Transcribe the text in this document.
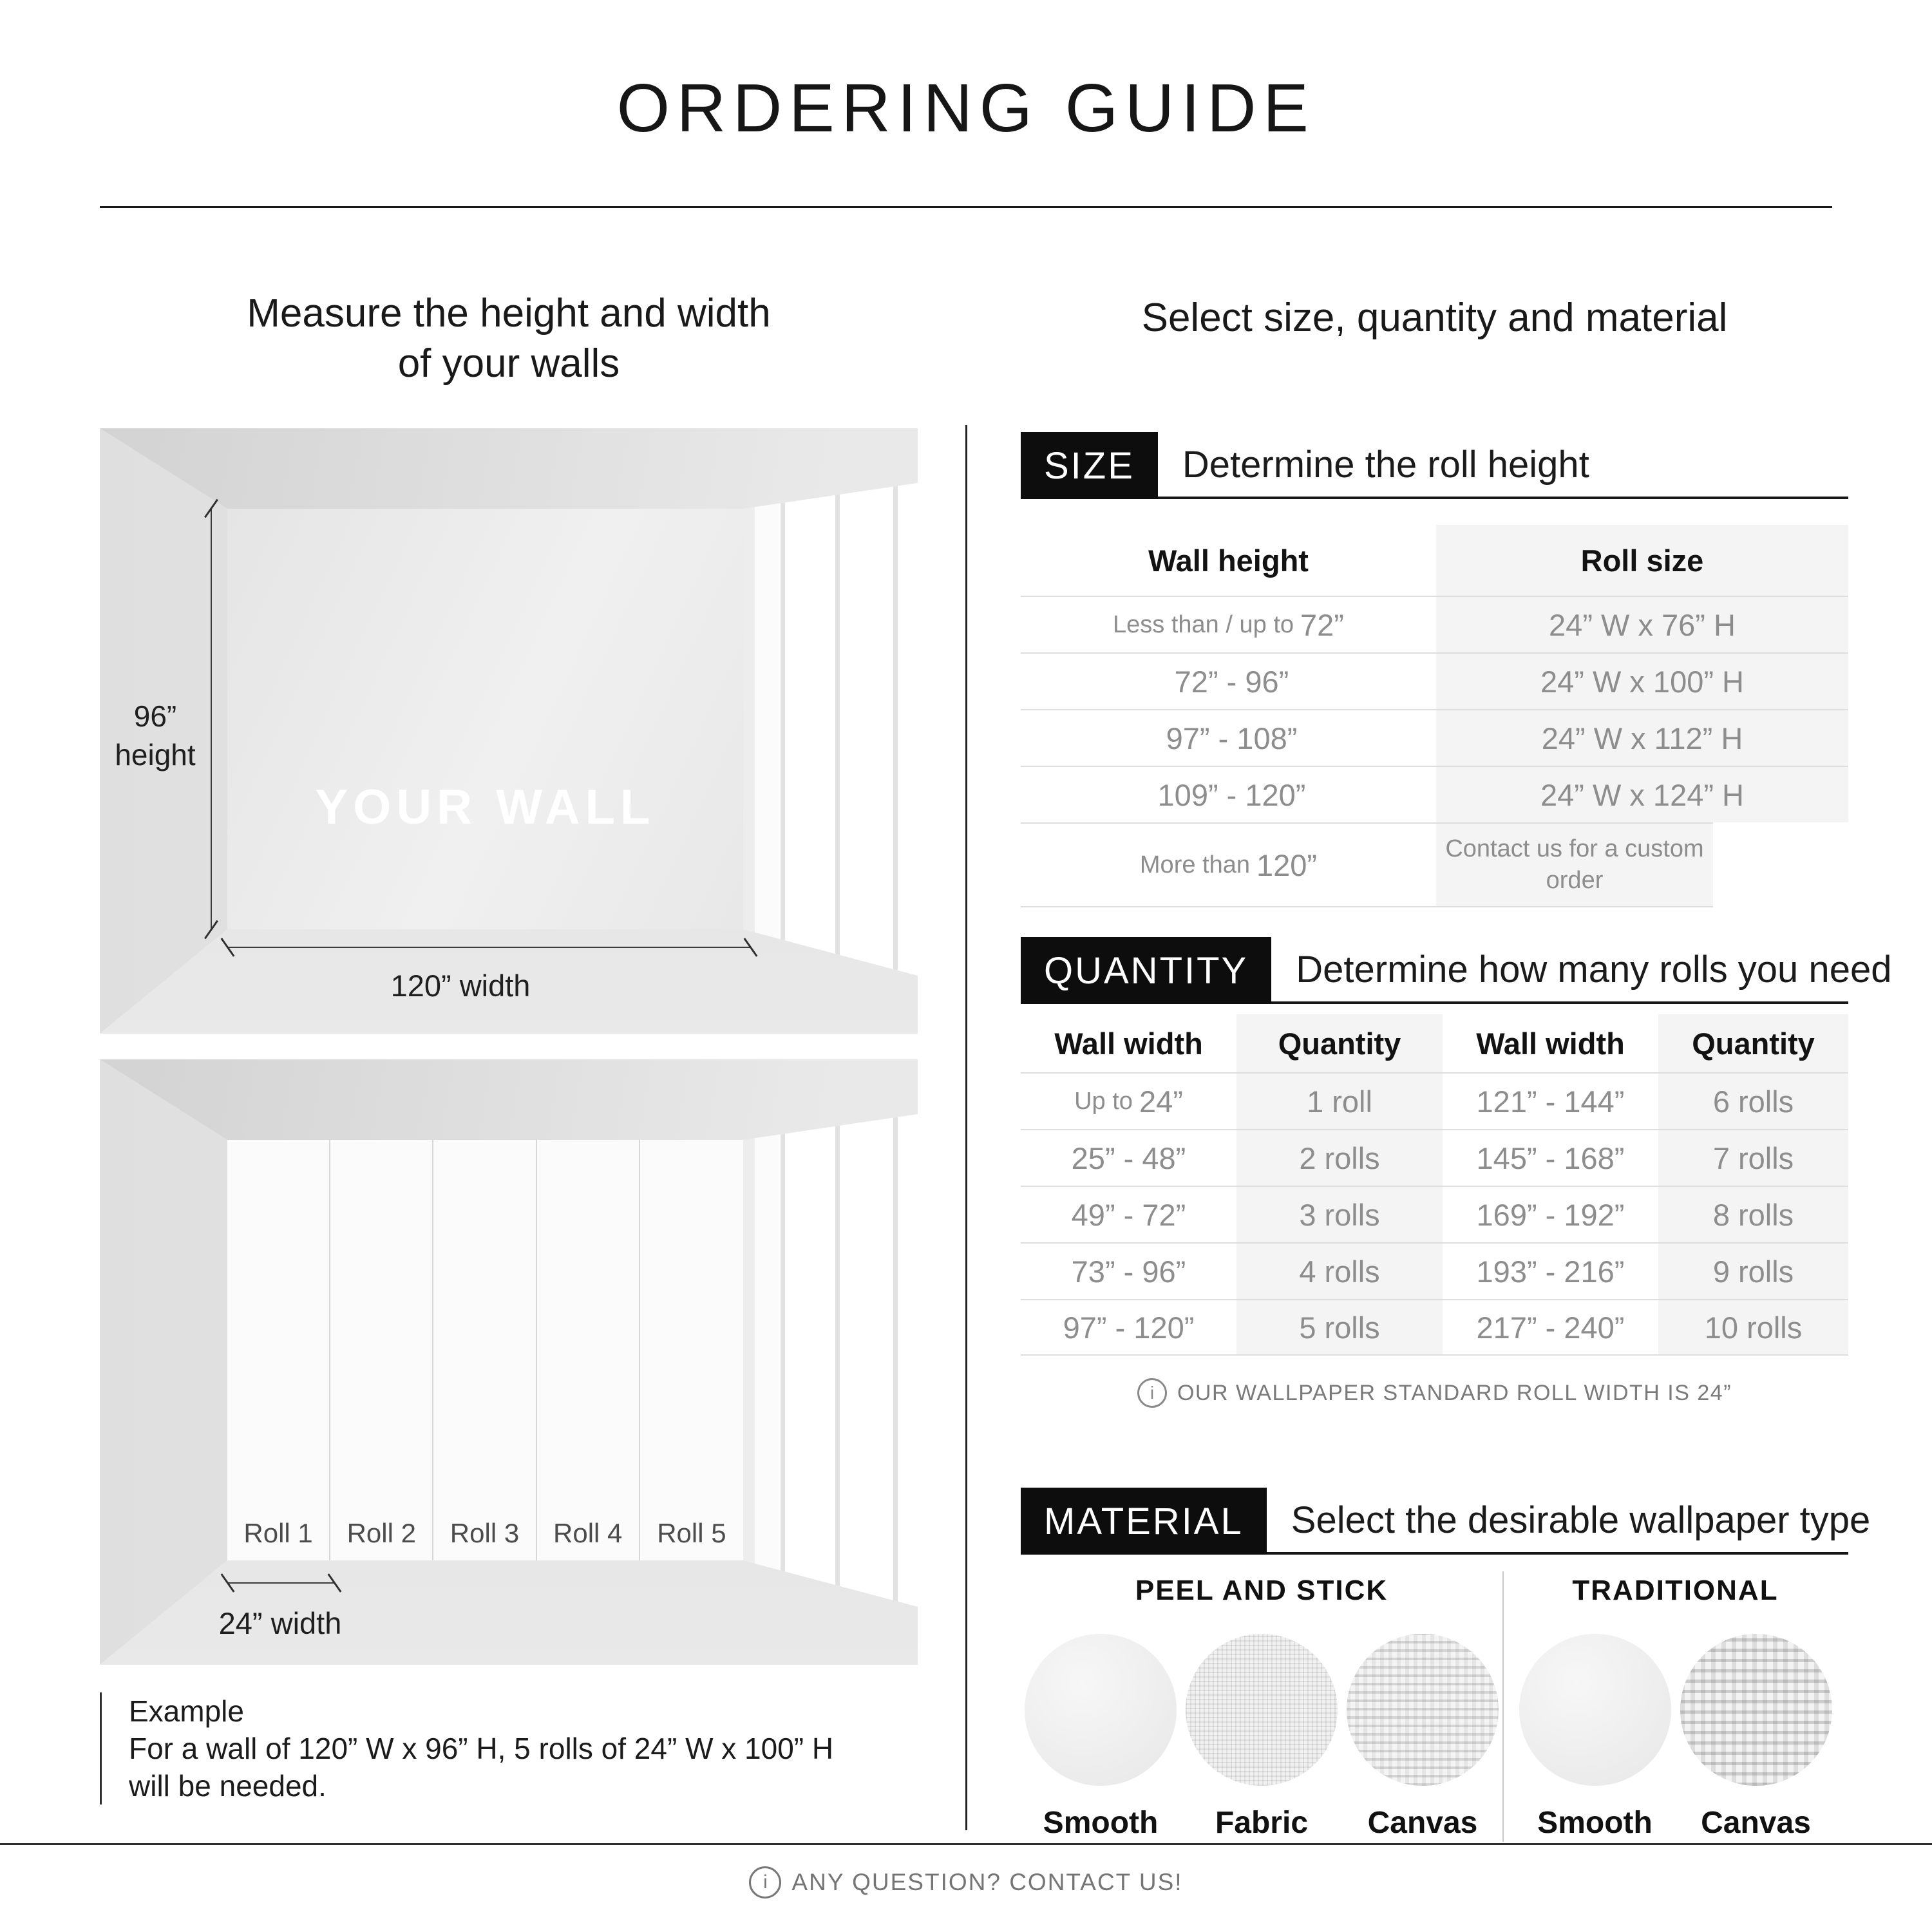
ORDERING GUIDE
Measure the height and width
of your walls
Select size, quantity and material
YOUR WALL
96”
height
120” width
Roll 1 Roll 2 Roll 3 Roll 4 Roll 5
24” width
Example
For a wall of 120” W x 96” H, 5 rolls of 24” W x 100” H
will be needed.
SIZE	Determine the roll height
Wall height	Roll size
Less than / up to 72”	24” W x 76” H
72” - 96”	24” W x 100” H
97” - 108”	24” W x 112” H
109” - 120”	24” W x 124” H
More than 120”	Contact us for a custom order
QUANTITY	Determine how many rolls you need
Wall width	Quantity	Wall width	Quantity
Up to 24”	1 roll	121” - 144”	6 rolls
25” - 48”	2 rolls	145” - 168”	7 rolls
49” - 72”	3 rolls	169” - 192”	8 rolls
73” - 96”	4 rolls	193” - 216”	9 rolls
97” - 120”	5 rolls	217” - 240”	10 rolls
i	OUR WALLPAPER STANDARD ROLL WIDTH IS 24”
MATERIAL	Select the desirable wallpaper type
PEEL AND STICK
Smooth Fabric Canvas
TRADITIONAL
Smooth Canvas
i	ANY QUESTION? CONTACT US!
